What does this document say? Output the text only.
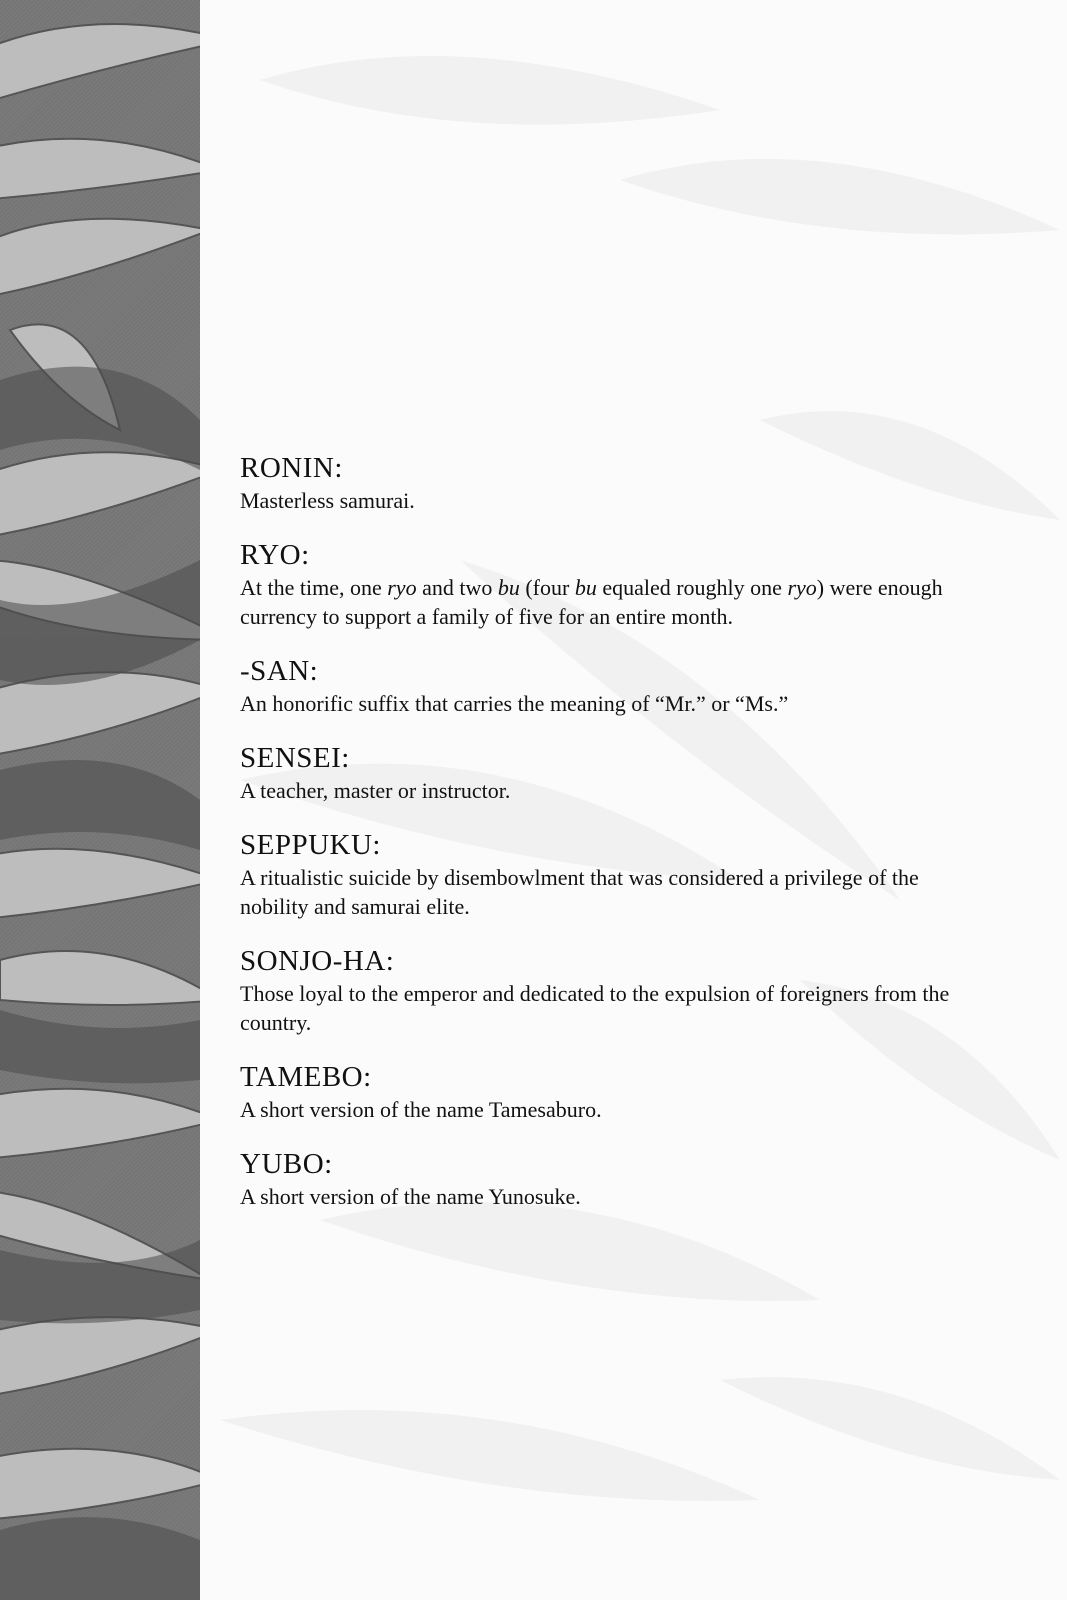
RONIN:

Masterless samurai.

RYO:

At the time, one ryo and two bu (four bu equaled roughly one ryo) were enough currency to support a family of five for an entire month.

-SAN:

An honorific suffix that carries the meaning of “Mr.” or “Ms.”

SENSEI:

A teacher, master or instructor.

SEPPUKU:

A ritualistic suicide by disembowlment that was considered a privilege of the nobility and samurai elite.

SONJO-HA:

Those loyal to the emperor and dedicated to the expulsion of foreigners from the country.

TAMEBO:

A short version of the name Tamesaburo.

YUBO:

A short version of the name Yunosuke.
